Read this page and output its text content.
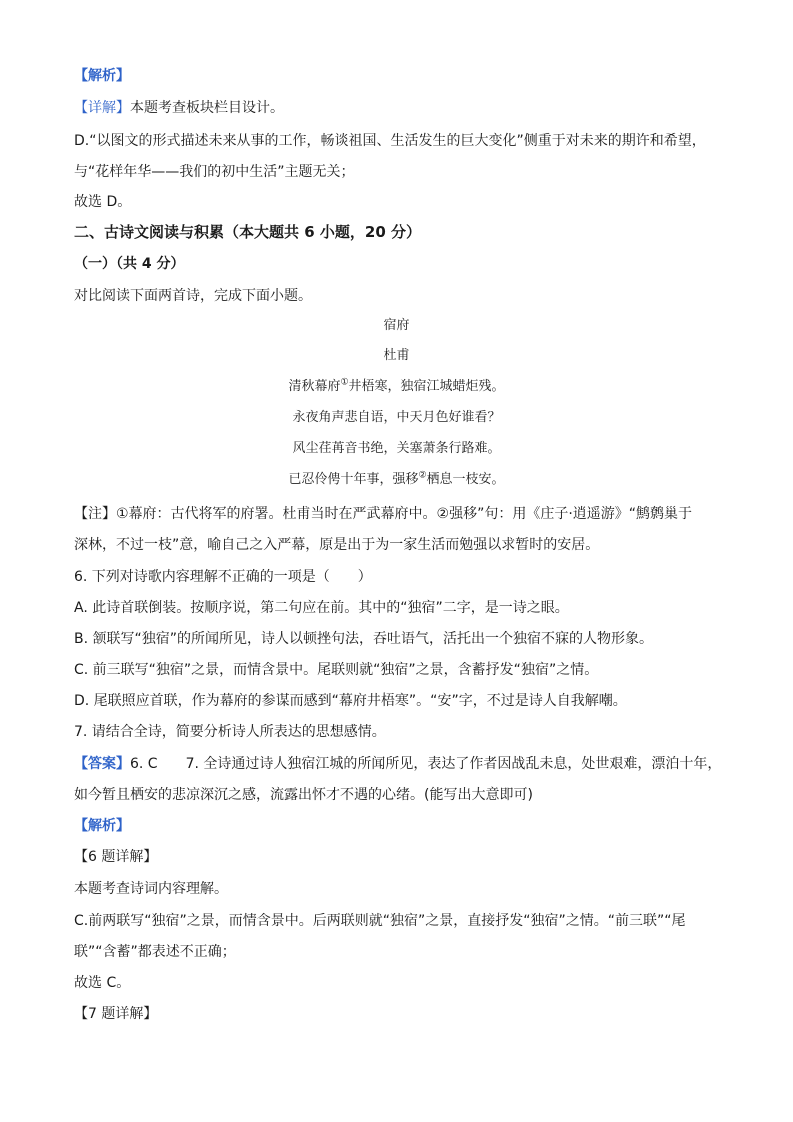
【解析】
【详解】本题考查板块栏目设计。
D.“以图文的形式描述未来从事的工作，畅谈祖国、生活发生的巨大变化”侧重于对未来的期许和希望，
与“花样年华——我们的初中生活”主题无关；
故选 D。
二、古诗文阅读与积累（本大题共 6 小题，20 分）
（一）（共 4 分）
对比阅读下面两首诗，完成下面小题。
宿府
杜甫
清秋幕府①井梧寒，独宿江城蜡炬残。
永夜角声悲自语，中天月色好谁看？
风尘荏苒音书绝，关塞萧条行路难。
已忍伶俜十年事，强移②栖息一枝安。
【注】①幕府：古代将军的府署。杜甫当时在严武幕府中。②强移”句：用《庄子·逍遥游》“鹪鹩巢于
深林，不过一枝”意，喻自己之入严幕，原是出于为一家生活而勉强以求暂时的安居。
6. 下列对诗歌内容理解不正确的一项是（　　）
A. 此诗首联倒装。按顺序说，第二句应在前。其中的“独宿”二字，是一诗之眼。
B. 颔联写“独宿”的所闻所见，诗人以顿挫句法，吞吐语气，活托出一个独宿不寐的人物形象。
C. 前三联写“独宿”之景，而情含景中。尾联则就“独宿”之景，含蓄抒发“独宿”之情。
D. 尾联照应首联，作为幕府的参谋而感到“幕府井梧寒”。“安”字，不过是诗人自我解嘲。
7. 请结合全诗，简要分析诗人所表达的思想感情。
【答案】6. C　　7. 全诗通过诗人独宿江城的所闻所见，表达了作者因战乱未息，处世艰难，漂泊十年，
如今暂且栖安的悲凉深沉之感，流露出怀才不遇的心绪。(能写出大意即可)
【解析】
【6 题详解】
本题考查诗词内容理解。
C.前两联写“独宿”之景，而情含景中。后两联则就“独宿”之景，直接抒发“独宿”之情。“前三联”“尾
联”“含蓄”都表述不正确；
故选 C。
【7 题详解】
